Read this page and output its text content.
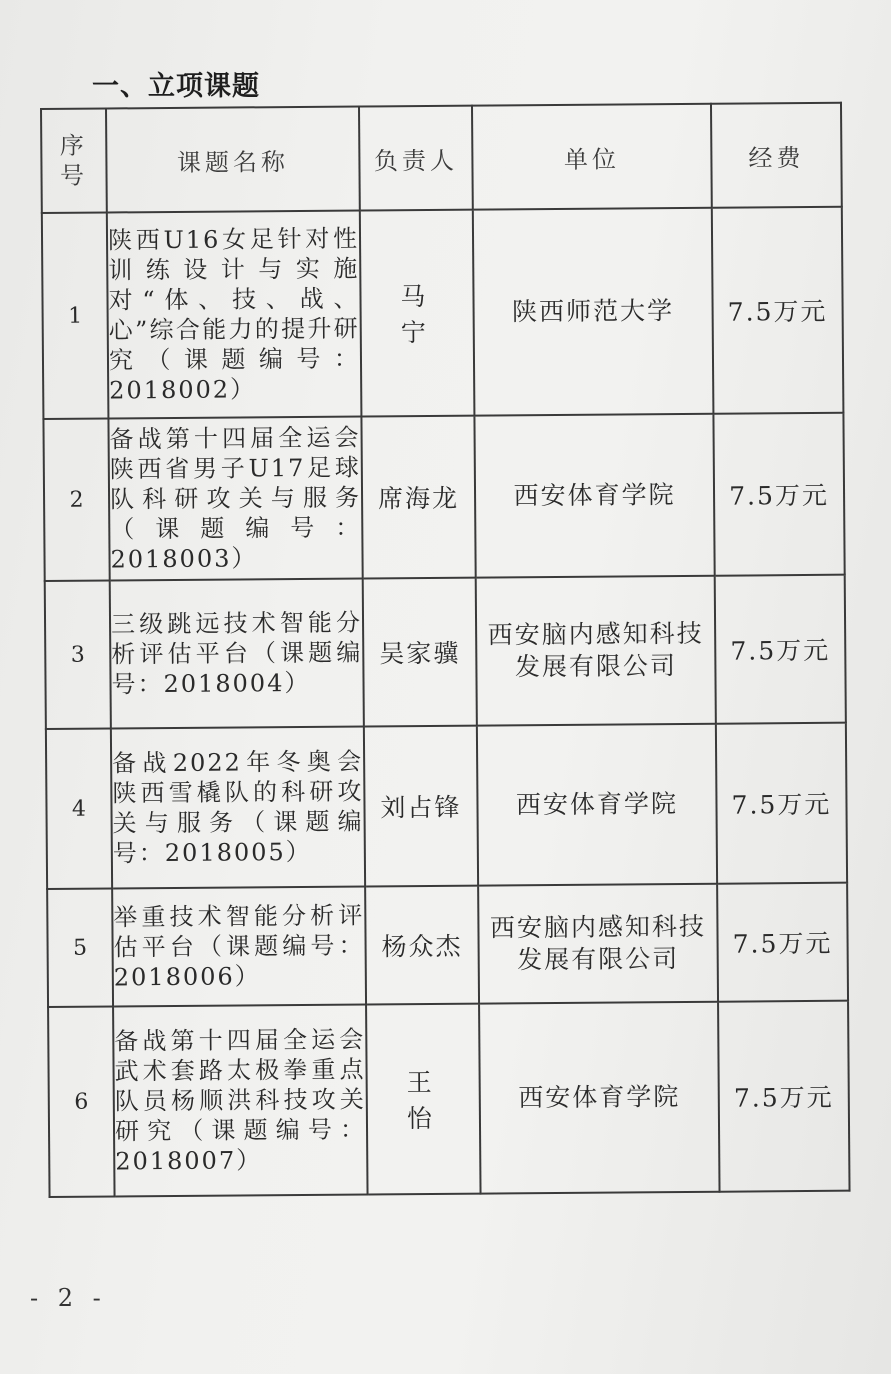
一、立项课题
序号	课题名称	负责人	单位	经费
1	陕西U16女足针对性训练设计与实施对“体、技、战、心”综合能力的提升研究（课题编号：2018002）	马宁	陕西师范大学	7.5万元
2	备战第十四届全运会陕西省男子U17足球队科研攻关与服务（课题编号：2018003）	席海龙	西安体育学院	7.5万元
3	三级跳远技术智能分析评估平台（课题编号：2018004）	吴家骥	西安脑内感知科技发展有限公司	7.5万元
4	备战2022年冬奥会陕西雪橇队的科研攻关与服务（课题编号：2018005）	刘占锋	西安体育学院	7.5万元
5	举重技术智能分析评估平台（课题编号：2018006）	杨众杰	西安脑内感知科技发展有限公司	7.5万元
6	备战第十四届全运会武术套路太极拳重点队员杨顺洪科技攻关研究（课题编号：2018007）	王怡	西安体育学院	7.5万元
- 2 -
